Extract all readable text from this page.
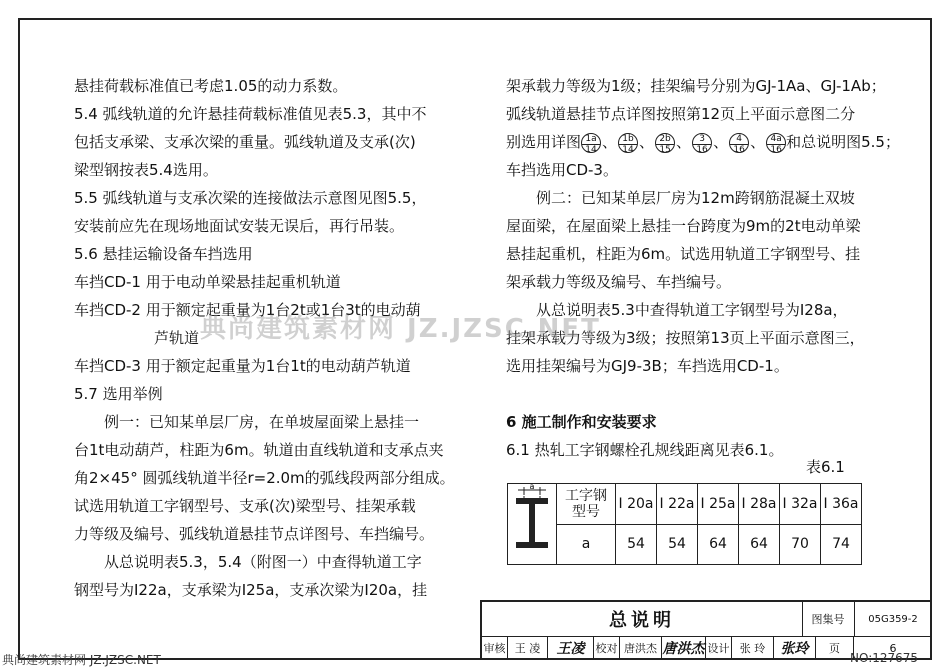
悬挂荷载标准值已考虑1.05的动力系数。
5.4 弧线轨道的允许悬挂荷载标准值见表5.3，其中不
包括支承梁、支承次梁的重量。弧线轨道及支承(次)
梁型钢按表5.4选用。
5.5 弧线轨道与支承次梁的连接做法示意图见图5.5，
安装前应先在现场地面试安装无误后，再行吊装。
5.6 悬挂运输设备车挡选用
车挡CD-1 用于电动单梁悬挂起重机轨道
车挡CD-2 用于额定起重量为1台2t或1台3t的电动葫
芦轨道
车挡CD-3 用于额定起重量为1台1t的电动葫芦轨道
5.7 选用举例
例一：已知某单层厂房，在单坡屋面梁上悬挂一
台1t电动葫芦，柱距为6m。轨道由直线轨道和支承点夹
角2×45° 圆弧线轨道半径r=2.0m的弧线段两部分组成。
试选用轨道工字钢型号、支承(次)梁型号、挂架承载
力等级及编号、弧线轨道悬挂节点详图号、车挡编号。
从总说明表5.3，5.4（附图一）中查得轨道工字
钢型号为I22a，支承梁为I25a，支承次梁为I20a，挂
架承载力等级为1级；挂架编号分别为GJ-1Aa、GJ-1Ab；
弧线轨道悬挂节点详图按照第12页上平面示意图二分
别选用详图 $\frac{1a}{14}$ 、 $\frac{1b}{14}$ 、 $\frac{2b}{15}$ 、 $\frac{3}{16}$ 、 $\frac{4}{16}$ 、 $\frac{4a}{16}$ 和总说明图5.5；
车挡选用CD-3。
例二：已知某单层厂房为12m跨钢筋混凝土双坡
屋面梁，在屋面梁上悬挂一台跨度为9m的2t电动单梁
悬挂起重机，柱距为6m。试选用轨道工字钢型号、挂
架承载力等级及编号、车挡编号。
从总说明表5.3中查得轨道工字钢型号为I28a，
挂架承载力等级为3级；按照第13页上平面示意图三，
选用挂架编号为GJ9-3B；车挡选用CD-1。

6 施工制作和安装要求
6.1 热轧工字钢螺栓孔规线距离见表6.1。
表6.1
a	工字钢型号	I 20a	I 22a	I 25a	I 28a	I 32a	I 36a
	a	54	54	64	64	70	74
总说明	图集号	05G359-2
审核 王 凌	王凌	校对 唐洪杰 唐洪杰 设计 张 玲	张玲	页	6
典尚建筑素材网 JZ.JZSC.NET
典尚建筑素材网 JZ.JZSC.NET	NO:127675
